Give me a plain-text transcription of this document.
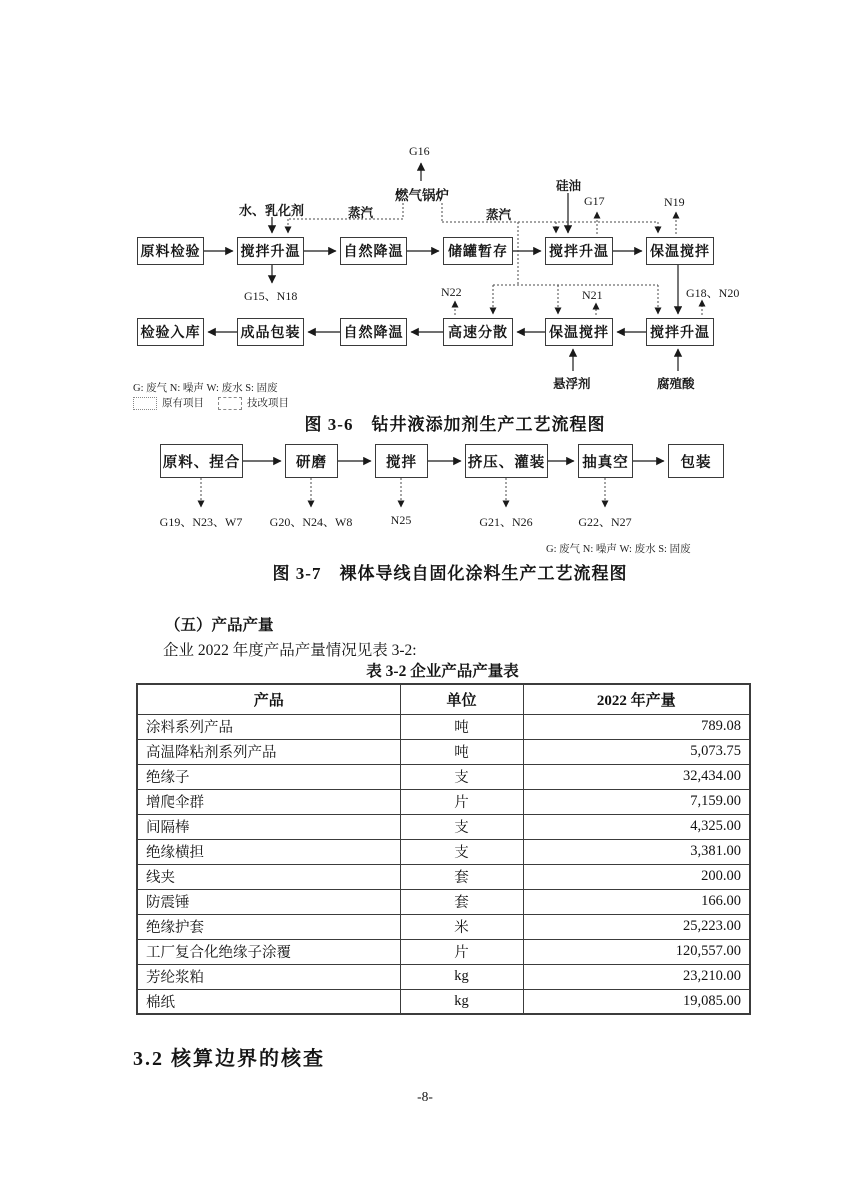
原料检验	搅拌升温	自然降温	储罐暂存	搅拌升温	保温搅拌
检验入库	成品包装	自然降温	高速分散	保温搅拌	搅拌升温
G16
燃气锅炉
水、乳化剂	蒸汽	蒸汽
硅油
G17	N19
G15、N18	N22	N21	G18、N20
悬浮剂	腐殖酸
G: 废气 N: 噪声 W: 废水 S: 固废
原有项目	技改项目
图 3-6　钻井液添加剂生产工艺流程图
原料、捏合	研磨	搅拌	挤压、灌装	抽真空	包装
G19、N23、W7	G20、N24、W8	N25	G21、N26	G22、N27
G: 废气 N: 噪声 W: 废水 S: 固废
图 3-7　裸体导线自固化涂料生产工艺流程图
（五）产品产量
企业 2022 年度产品产量情况见表 3-2:
表 3-2 企业产品产量表
产品	单位	2022 年产量
涂料系列产品	吨	789.08
高温降粘剂系列产品	吨	5,073.75
绝缘子	支	32,434.00
增爬伞群	片	7,159.00
间隔棒	支	4,325.00
绝缘横担	支	3,381.00
线夹	套	200.00
防震锤	套	166.00
绝缘护套	米	25,223.00
工厂复合化绝缘子涂覆	片	120,557.00
芳纶浆粕	kg	23,210.00
棉纸	kg	19,085.00
3.2 核算边界的核查
-8-
